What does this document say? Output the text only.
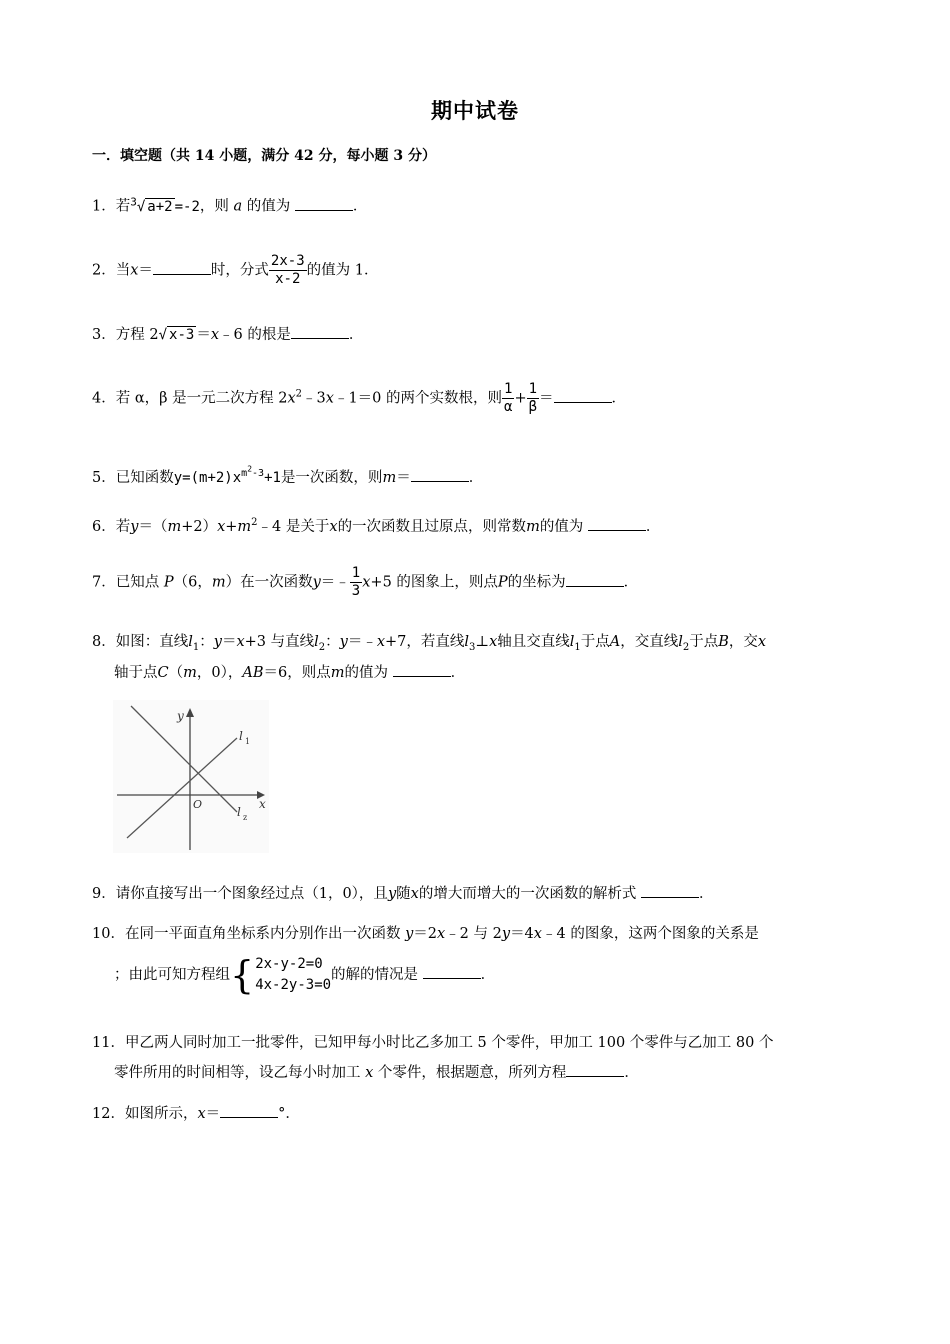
期中试卷
一．填空题（共 14 小题，满分 42 分，每小题 3 分）
1．若$^3$√ a+2 =-2，则 a 的值为	．
2．当x＝	时，分式 $\frac{2x-3}{x-2}$ 的值为 1．
3．方程 2√ x-3 ＝x﹣6 的根是	．
4．若 α，β 是一元二次方程 $2x^2﹣3x﹣1=0$ 的两个实数根，则 $\frac{1}{\alpha} + \frac{1}{\beta}$ ＝	．
5．已知函数$y=(m+2)x^{m^2-3}+1$是一次函数，则m＝	．
6．若$y=(m+2)x+m^2﹣4$ 是关于x的一次函数且过原点，则常数m的值为	．
7．已知点 P（6，m）在一次函数y＝﹣ $\frac{1}{3} x+5$ 的图象上，则点P的坐标为	．
8．如图：直线$l_1$：y＝x+3 与直线$l_2$：y＝﹣x+7，若直线$l_3\perp x$轴且交直线$l_1$于点A，交直线$l_2$于点B，交x
轴于点C（m，0），AB＝6，则点m的值为	．
y
x
O
l 1
l z
9．请你直接写出一个图象经过点（1，0），且y随x的增大而增大的一次函数的解析式	．
10．在同一平面直角坐标系内分别作出一次函数 y＝2x﹣2 与 2y＝4x﹣4 的图象，这两个图象的关系是
；由此可知方程组 { 2x-y-2=0
4x-2y-3=0
的解的情况是	．
11．甲乙两人同时加工一批零件，已知甲每小时比乙多加工 5 个零件，甲加工 100 个零件与乙加工 80 个
零件所用的时间相等，设乙每小时加工 x 个零件，根据题意，所列方程	．
12．如图所示，x＝	°．
